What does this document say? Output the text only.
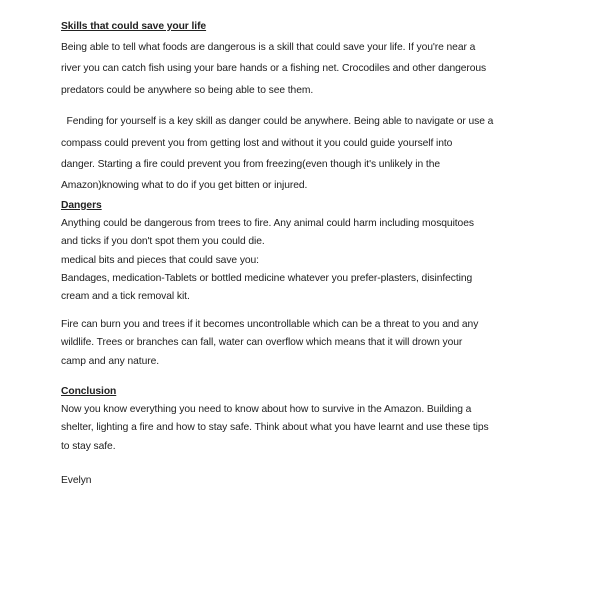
Skills that could save your life
Being able to tell what foods are dangerous is a skill that could save your life. If you're near a
river you can catch fish using your bare hands or a fishing net. Crocodiles and other dangerous
predators could be anywhere so being able to see them.
Fending for yourself is a key skill as danger could be anywhere. Being able to navigate or use a
compass could prevent you from getting lost and without it you could guide yourself into
danger. Starting a fire could prevent you from freezing(even though it's unlikely in the
Amazon)knowing what to do if you get bitten or injured.
Dangers
Anything could be dangerous from trees to fire. Any animal could harm including mosquitoes
and ticks if you don't spot them you could die.
medical bits and pieces that could save you:
Bandages, medication-Tablets or bottled medicine whatever you prefer-plasters, disinfecting
cream and a tick removal kit.
Fire can burn you and trees if it becomes uncontrollable which can be a threat to you and any
wildlife. Trees or branches can fall, water can overflow which means that it will drown your
camp and any nature.
Conclusion
Now you know everything you need to know about how to survive in the Amazon. Building a
shelter, lighting a fire and how to stay safe. Think about what you have learnt and use these tips
to stay safe.
Evelyn
